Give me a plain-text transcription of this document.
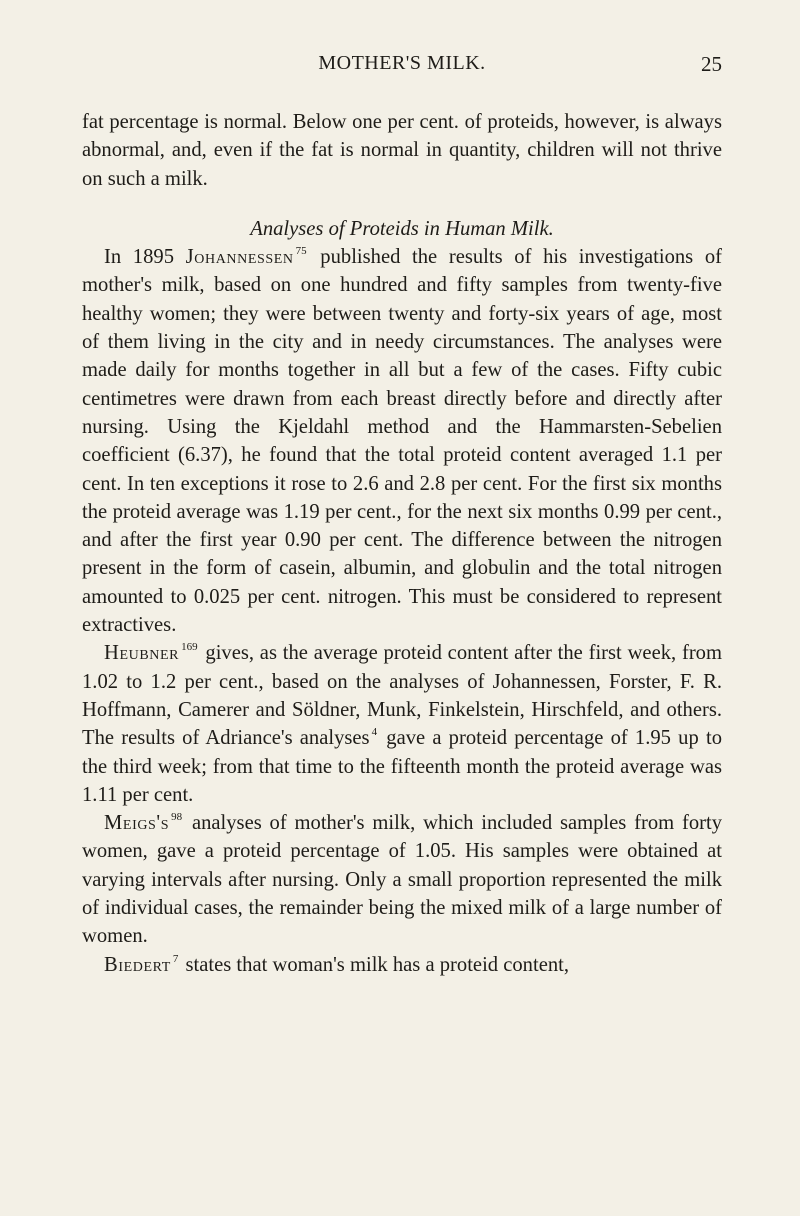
MOTHER'S MILK.	25

fat percentage is normal. Below one per cent. of proteids, however, is always abnormal, and, even if the fat is normal in quantity, children will not thrive on such a milk.

Analyses of Proteids in Human Milk.

In 1895 Johannessen $^{75}$ published the results of his investigations of mother's milk, based on one hundred and fifty samples from twenty-five healthy women; they were between twenty and forty-six years of age, most of them living in the city and in needy circumstances. The analyses were made daily for months together in all but a few of the cases. Fifty cubic centimetres were drawn from each breast directly before and directly after nursing. Using the Kjeldahl method and the Hammarsten-Sebelien coefficient (6.37), he found that the total proteid content averaged 1.1 per cent. In ten exceptions it rose to 2.6 and 2.8 per cent. For the first six months the proteid average was 1.19 per cent., for the next six months 0.99 per cent., and after the first year 0.90 per cent. The difference between the nitrogen present in the form of casein, albumin, and globulin and the total nitrogen amounted to 0.025 per cent. nitrogen. This must be considered to represent extractives.

Heubner $^{169}$ gives, as the average proteid content after the first week, from 1.02 to 1.2 per cent., based on the analyses of Johannessen, Forster, F. R. Hoffmann, Camerer and Söldner, Munk, Finkelstein, Hirschfeld, and others. The results of Adriance's analyses $^4$ gave a proteid percentage of 1.95 up to the third week; from that time to the fifteenth month the proteid average was 1.11 per cent.

Meigs's $^{98}$ analyses of mother's milk, which included samples from forty women, gave a proteid percentage of 1.05. His samples were obtained at varying intervals after nursing. Only a small proportion represented the milk of individual cases, the remainder being the mixed milk of a large number of women.

Biedert $^7$ states that woman's milk has a proteid content,
